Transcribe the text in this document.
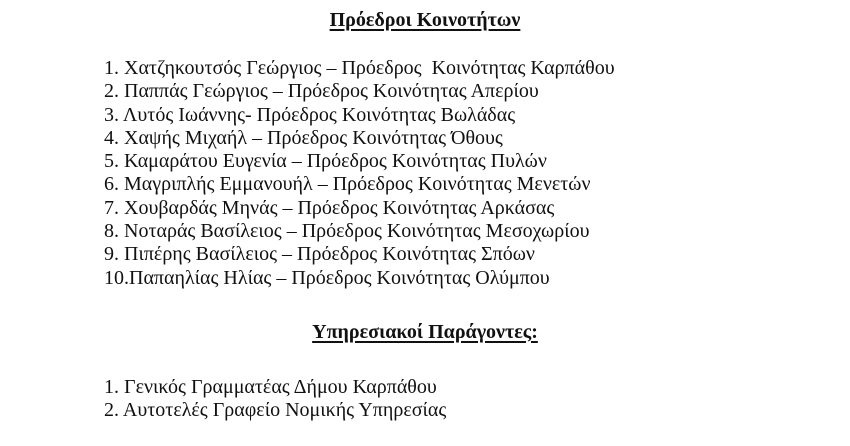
Πρόεδροι Κοινοτήτων
1. Χατζηκουτσός Γεώργιος – Πρόεδρος  Κοινότητας Καρπάθου
2. Παππάς Γεώργιος – Πρόεδρος Κοινότητας Απερίου
3. Λυτός Ιωάννης- Πρόεδρος Κοινότητας Βωλάδας
4. Χαψής Μιχαήλ – Πρόεδρος Κοινότητας Όθους
5. Καμαράτου Ευγενία – Πρόεδρος Κοινότητας Πυλών
6. Μαγριπλής Εμμανουήλ – Πρόεδρος Κοινότητας Μενετών
7. Χουβαρδάς Μηνάς – Πρόεδρος Κοινότητας Αρκάσας
8. Νοταράς Βασίλειος – Πρόεδρος Κοινότητας Μεσοχωρίου
9. Πιπέρης Βασίλειος – Πρόεδρος Κοινότητας Σπόων
10.Παπαηλίας Ηλίας – Πρόεδρος Κοινότητας Ολύμπου
Υπηρεσιακοί Παράγοντες:
1. Γενικός Γραμματέας Δήμου Καρπάθου
2. Αυτοτελές Γραφείο Νομικής Υπηρεσίας
